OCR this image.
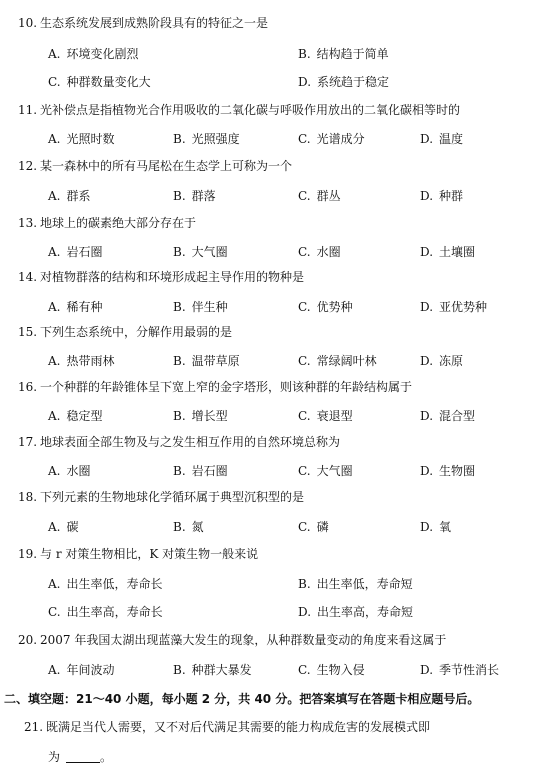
10. 生态系统发展到成熟阶段具有的特征之一是
A. 环境变化剧烈	B. 结构趋于简单
C. 种群数量变化大	D. 系统趋于稳定
11. 光补偿点是指植物光合作用吸收的二氧化碳与呼吸作用放出的二氧化碳相等时的
A. 光照时数	B. 光照强度	C. 光谱成分	D. 温度
12. 某一森林中的所有马尾松在生态学上可称为一个
A. 群系	B. 群落	C. 群丛	D. 种群
13. 地球上的碳素绝大部分存在于
A. 岩石圈	B. 大气圈	C. 水圈	D. 土壤圈
14. 对植物群落的结构和环境形成起主导作用的物种是
A. 稀有种	B. 伴生种	C. 优势种	D. 亚优势种
15. 下列生态系统中，分解作用最弱的是
A. 热带雨林	B. 温带草原	C. 常绿阔叶林	D. 冻原
16. 一个种群的年龄锥体呈下宽上窄的金字塔形，则该种群的年龄结构属于
A. 稳定型	B. 增长型	C. 衰退型	D. 混合型
17. 地球表面全部生物及与之发生相互作用的自然环境总称为
A. 水圈	B. 岩石圈	C. 大气圈	D. 生物圈
18. 下列元素的生物地球化学循环属于典型沉积型的是
A. 碳	B. 氮	C. 磷	D. 氧
19. 与 r 对策生物相比，K 对策生物一般来说
A. 出生率低，寿命长	B. 出生率低，寿命短
C. 出生率高，寿命长	D. 出生率高，寿命短
20. 2007 年我国太湖出现蓝藻大发生的现象，从种群数量变动的角度来看这属于
A. 年间波动	B. 种群大暴发	C. 生物入侵	D. 季节性消长
二、填空题：21～40 小题，每小题 2 分，共 40 分。把答案填写在答题卡相应题号后。
21. 既满足当代人需要，又不对后代满足其需要的能力构成危害的发展模式即
为	。
